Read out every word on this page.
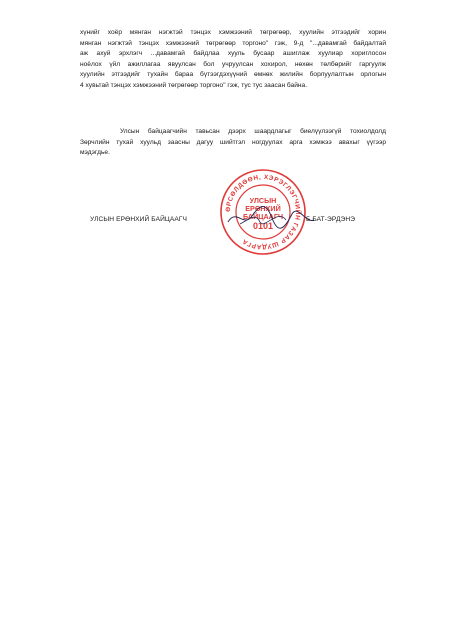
хүнийг хоёр мянган нэгжтэй тэнцэх хэмжээний төгрөгөөр, хуулийн этгээдийг хорин
мянган нэгжтэй тэнцэх хэмжээний төгрөгөөр торгоно" гэж, 9-д "...давамгай байдалтай
аж ахуй эрхлэгч ...давамгай байдлаа хууль бусаар ашиглаж хуулиар хориглосон
ноёлох үйл ажиллагаа явуулсан бол учруулсан хохирол, нөхөн төлбөрийг гаргуулж
хуулийн этгээдийг тухайн бараа бүтээгдэхүүний өмнөх жилийн борлуулалтын орлогын
4 хувьтай тэнцэх хэмжээний төгрөгөөр торгоно" гэж, тус тус заасан байна.

Улсын байцаагчийн тавьсан дээрх шаардлагыг биелүүлээгүй тохиолдолд
Зөрчлийн тухай хуульд заасны дагуу шийтгэл ногдуулах арга хэмжээ авахыг үүгээр
мэдэгдье.

ӨРСӨЛДӨӨН, ХЭРЭГЛЭГЧИЙН ГАЗАР ШУДАРГА
УЛСЫН
ЕРӨНХИЙ
БАЙЦААГЧ
0101
УЛСЫН ЕРӨНХИЙ БАЙЦААГЧ	Б.БАТ-ЭРДЭНЭ
